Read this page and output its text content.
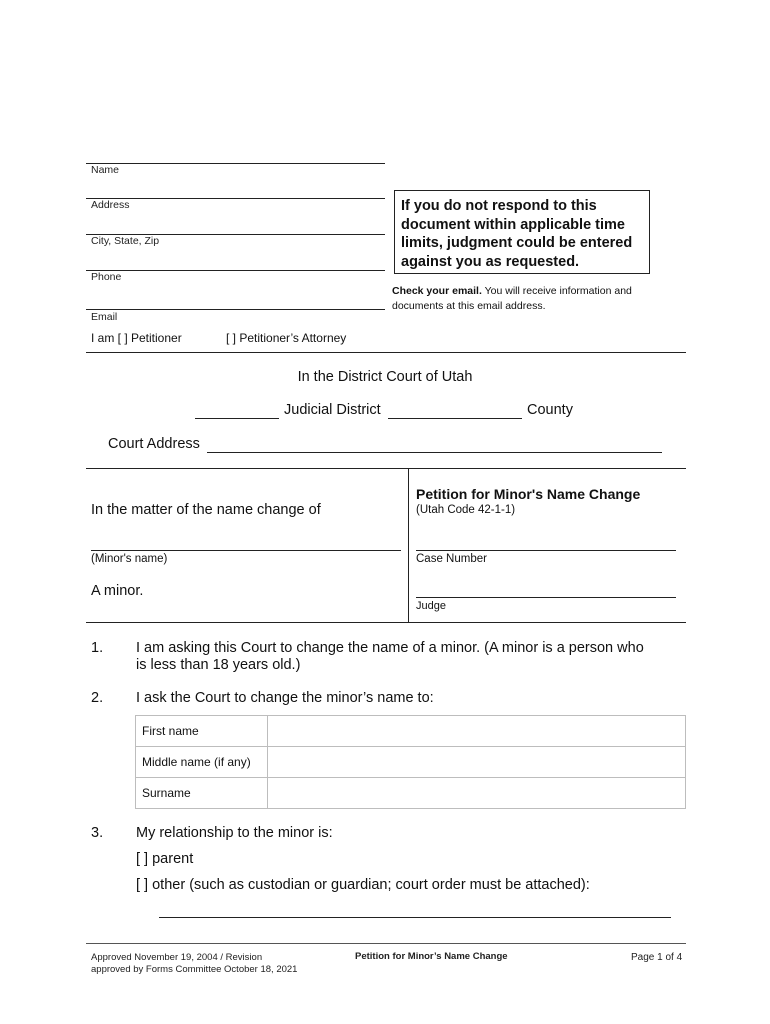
Name
Address
City, State, Zip
Phone
Email
I am [ ] Petitioner	[ ] Petitioner’s Attorney
If you do not respond to this document within applicable time limits, judgment could be entered against you as requested.
Check your email. You will receive information and documents at this email address.
In the District Court of Utah
Judicial District	County
Court Address
In the matter of the name change of
(Minor's name)
A minor.
Petition for Minor's Name Change
(Utah Code 42-1-1)
Case Number
Judge
1. I am asking this Court to change the name of a minor. (A minor is a person who
is less than 18 years old.)
2. I ask the Court to change the minor’s name to:
First name	
Middle name (if any)	
Surname	
3. My relationship to the minor is:
[ ] parent
[ ] other (such as custodian or guardian; court order must be attached):
Approved November 19, 2004 / Revision
approved by Forms Committee October 18, 2021
Petition for Minor’s Name Change	Page 1 of 4
